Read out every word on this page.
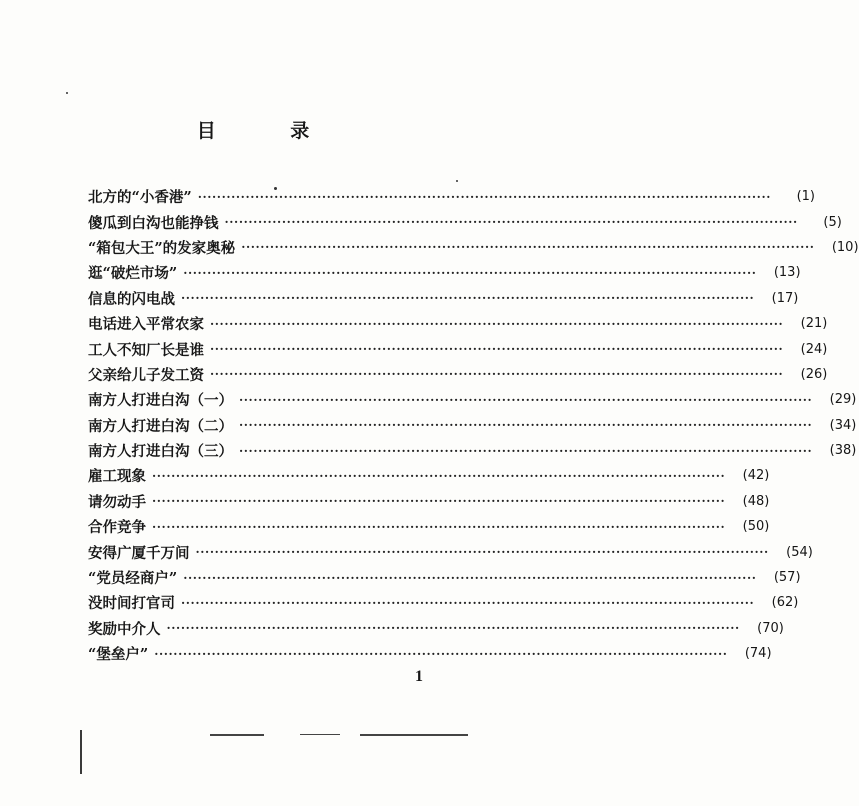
目 录
北方的“小香港” ························································································································	(1)
傻瓜到白沟也能挣钱 ························································································································	(5)
“箱包大王”的发家奥秘 ························································································································	(10)
逛“破烂市场” ························································································································	(13)
信息的闪电战 ························································································································	(17)
电话进入平常农家 ························································································································	(21)
工人不知厂长是谁 ························································································································	(24)
父亲给儿子发工资 ························································································································	(26)
南方人打进白沟（一） ························································································································	(29)
南方人打进白沟（二） ························································································································	(34)
南方人打进白沟（三） ························································································································	(38)
雇工现象 ························································································································	(42)
请勿动手 ························································································································	(48)
合作竞争 ························································································································	(50)
安得广厦千万间 ························································································································	(54)
“党员经商户” ························································································································	(57)
没时间打官司 ························································································································	(62)
奖励中介人 ························································································································	(70)
“堡垒户” ························································································································	(74)
1
